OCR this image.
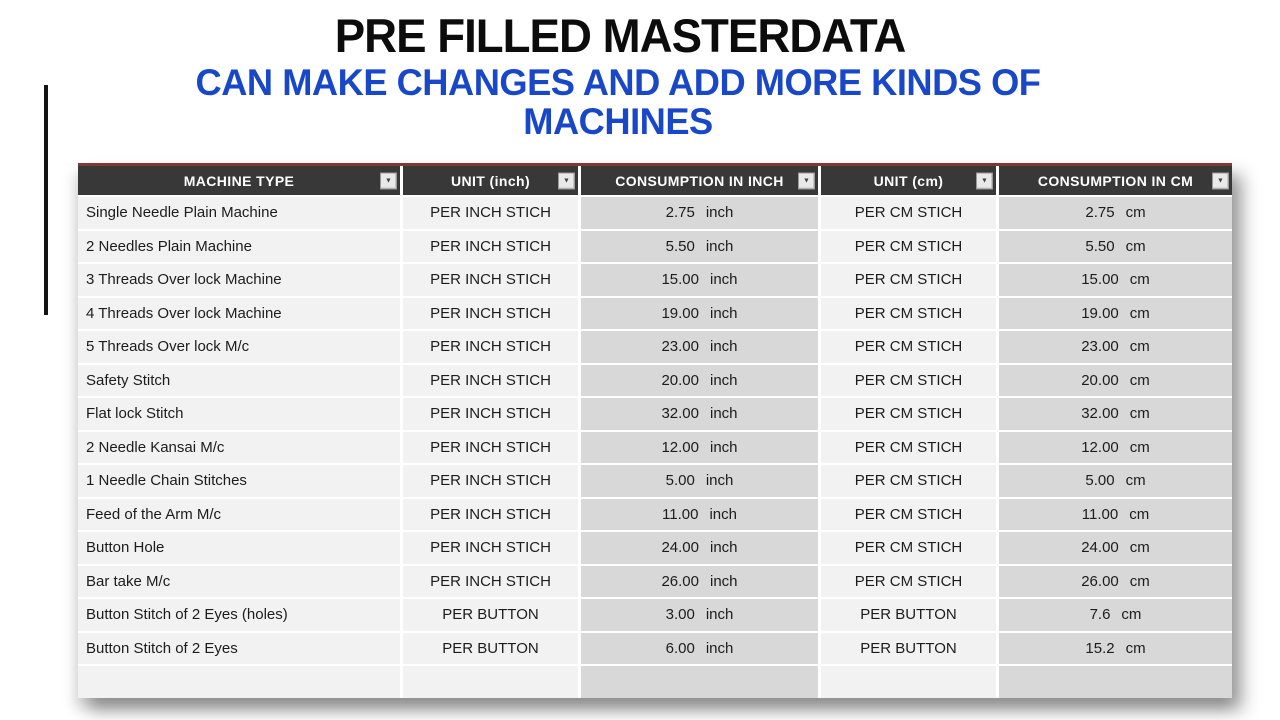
PRE FILLED MASTERDATA
CAN MAKE CHANGES AND ADD MORE KINDS OF
MACHINES
MACHINE TYPE	▼	UNIT (inch)	▼	CONSUMPTION IN INCH	▼	UNIT (cm)	▼	CONSUMPTION IN CM	▼
Single Needle Plain Machine	PER INCH STICH	2.75 inch	PER CM STICH	2.75 cm
2 Needles Plain Machine	PER INCH STICH	5.50 inch	PER CM STICH	5.50 cm
3 Threads Over lock Machine	PER INCH STICH	15.00 inch	PER CM STICH	15.00 cm
4 Threads Over lock Machine	PER INCH STICH	19.00 inch	PER CM STICH	19.00 cm
5 Threads Over lock M/c	PER INCH STICH	23.00 inch	PER CM STICH	23.00 cm
Safety Stitch	PER INCH STICH	20.00 inch	PER CM STICH	20.00 cm
Flat lock Stitch	PER INCH STICH	32.00 inch	PER CM STICH	32.00 cm
2 Needle Kansai M/c	PER INCH STICH	12.00 inch	PER CM STICH	12.00 cm
1 Needle Chain Stitches	PER INCH STICH	5.00 inch	PER CM STICH	5.00 cm
Feed of the Arm M/c	PER INCH STICH	11.00 inch	PER CM STICH	11.00 cm
Button Hole	PER INCH STICH	24.00 inch	PER CM STICH	24.00 cm
Bar take M/c	PER INCH STICH	26.00 inch	PER CM STICH	26.00 cm
Button Stitch of 2 Eyes (holes)	PER BUTTON	3.00 inch	PER BUTTON	7.6 cm
Button Stitch of 2 Eyes	PER BUTTON	6.00 inch	PER BUTTON	15.2 cm
